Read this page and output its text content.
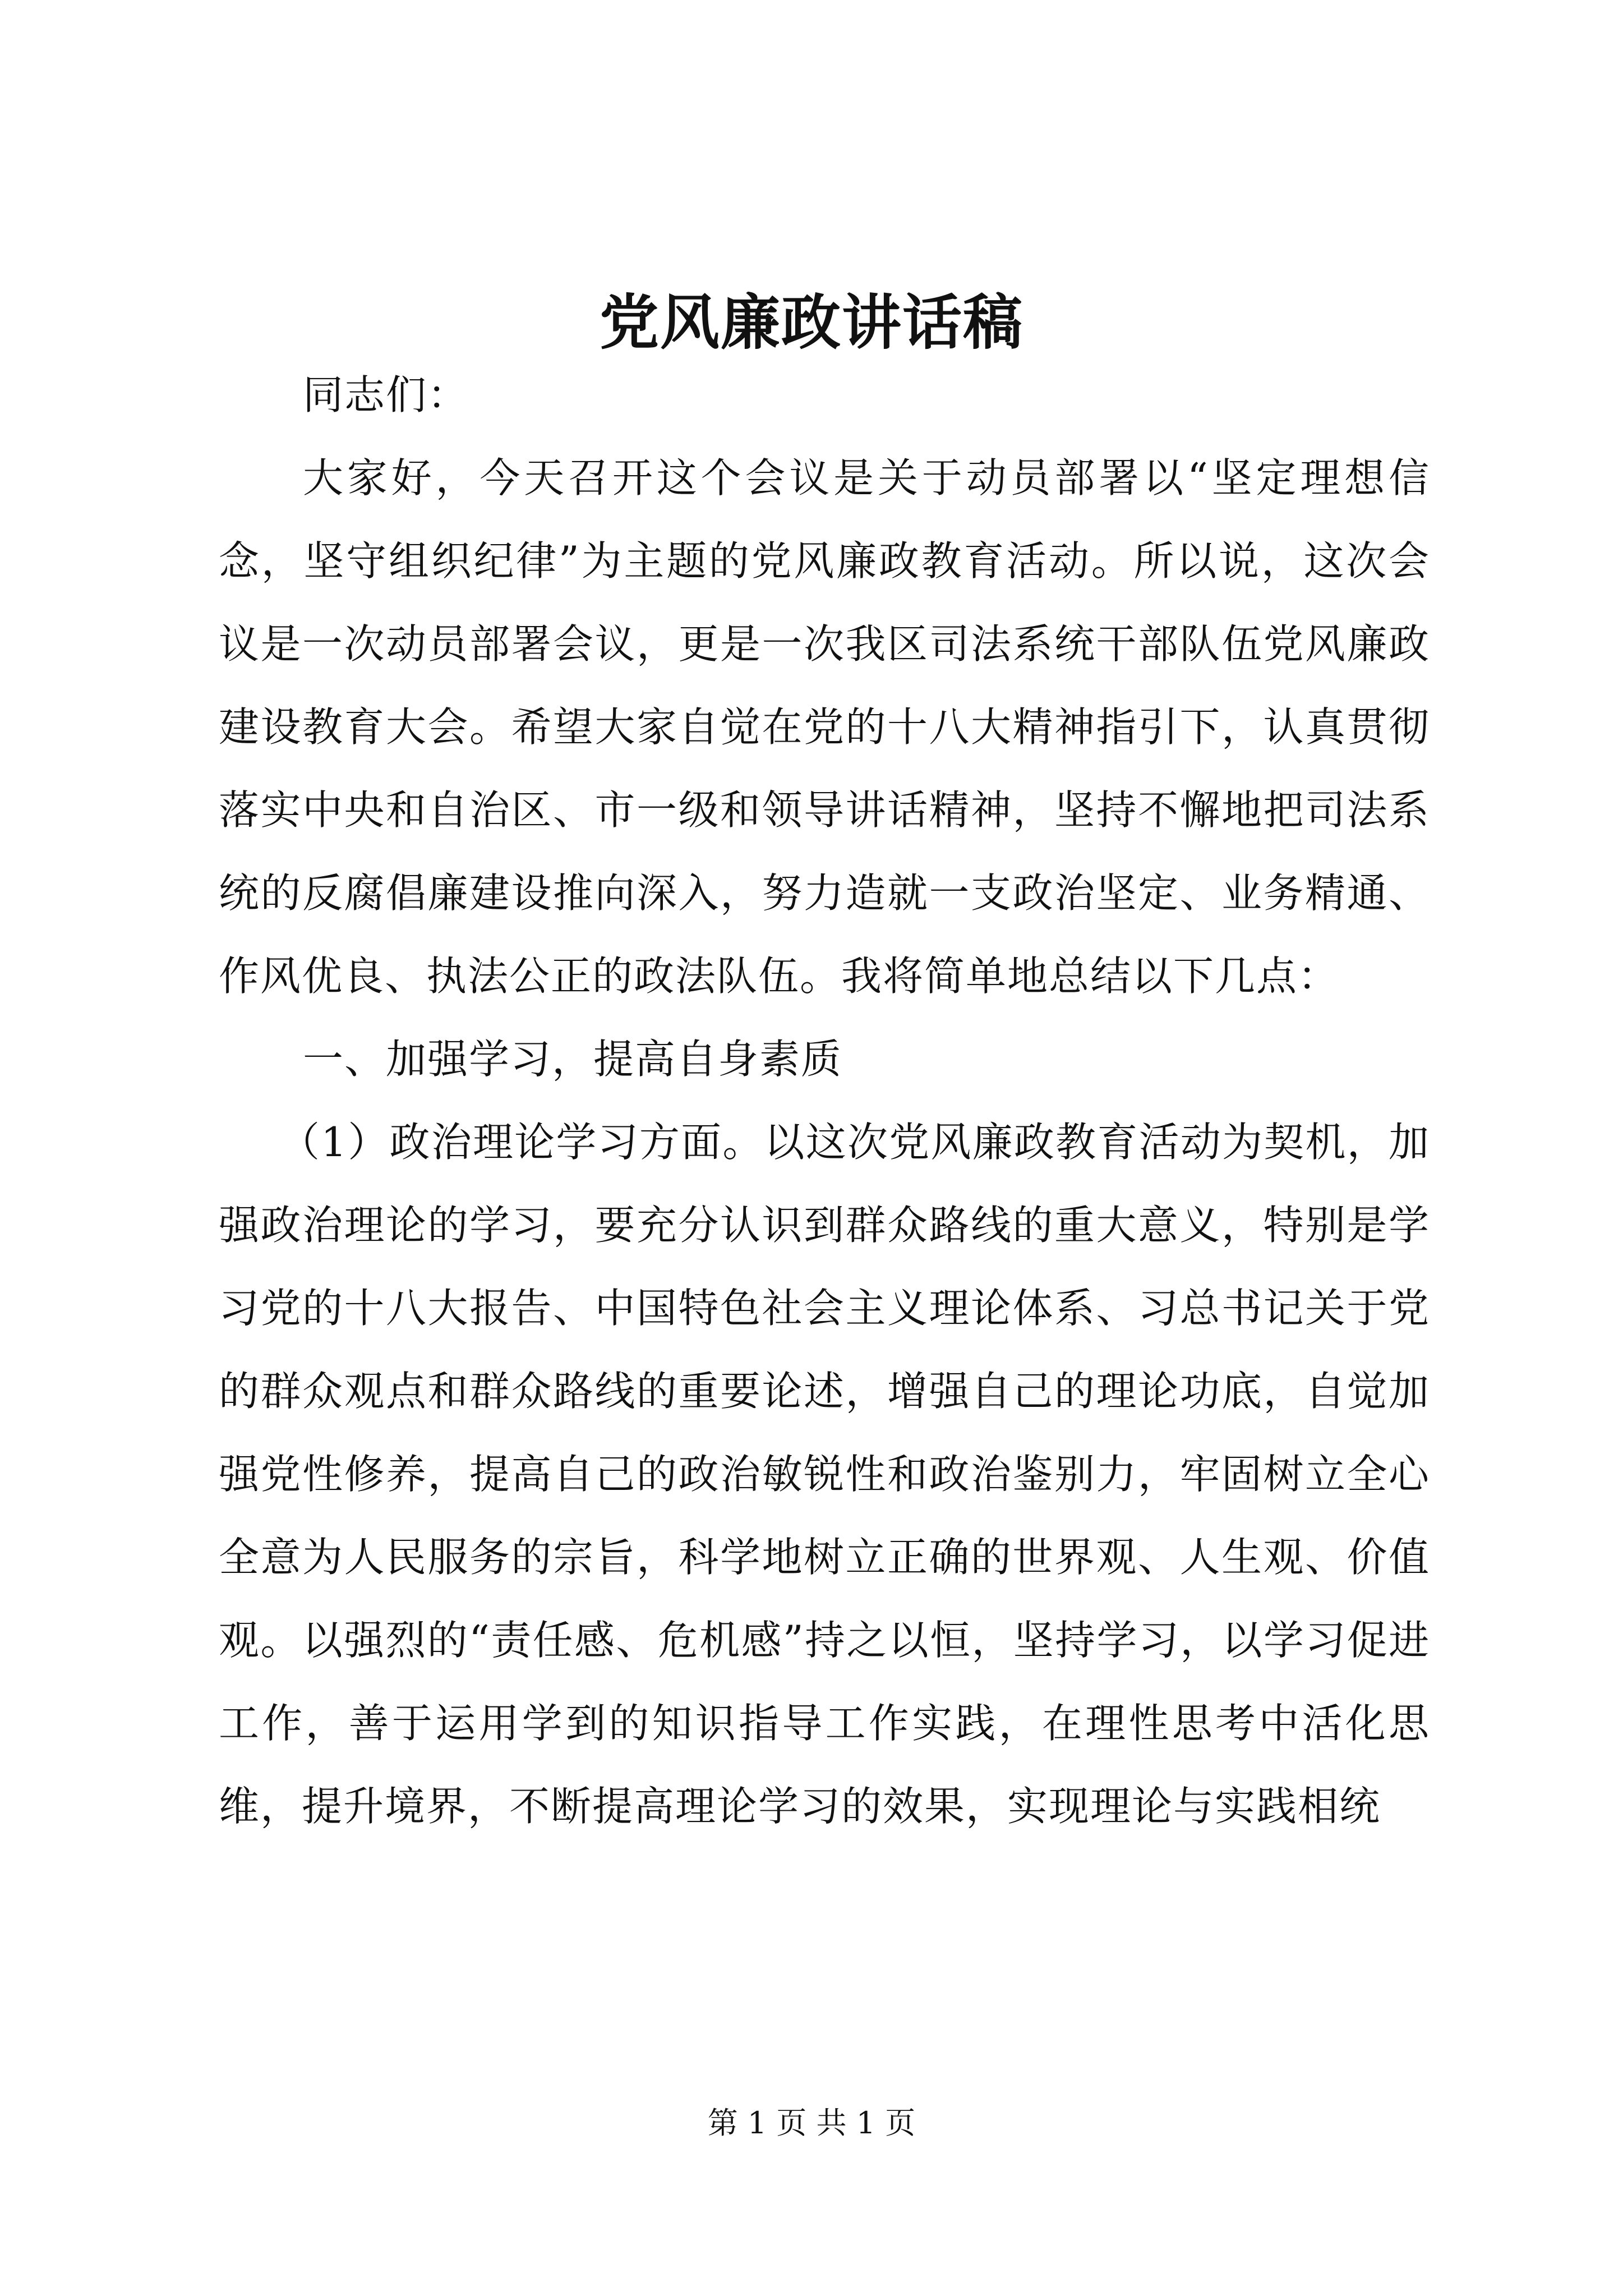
党风廉政讲话稿

同志们：

大家好，今天召开这个会议是关于动员部署以“坚定理想信念，坚守组织纪律”为主题的党风廉政教育活动。所以说，这次会议是一次动员部署会议，更是一次我区司法系统干部队伍党风廉政建设教育大会。希望大家自觉在党的十八大精神指引下，认真贯彻落实中央和自治区、市一级和领导讲话精神，坚持不懈地把司法系统的反腐倡廉建设推向深入，努力造就一支政治坚定、业务精通、作风优良、执法公正的政法队伍。我将简单地总结以下几点：

一、加强学习，提高自身素质

（1）政治理论学习方面。以这次党风廉政教育活动为契机，加强政治理论的学习，要充分认识到群众路线的重大意义，特别是学习党的十八大报告、中国特色社会主义理论体系、习总书记关于党的群众观点和群众路线的重要论述，增强自己的理论功底，自觉加强党性修养，提高自己的政治敏锐性和政治鉴别力，牢固树立全心全意为人民服务的宗旨，科学地树立正确的世界观、人生观、价值观。以强烈的“责任感、危机感”持之以恒，坚持学习，以学习促进工作，善于运用学到的知识指导工作实践，在理性思考中活化思维，提升境界，不断提高理论学习的效果，实现理论与实践相统

第 1 页 共 1 页
